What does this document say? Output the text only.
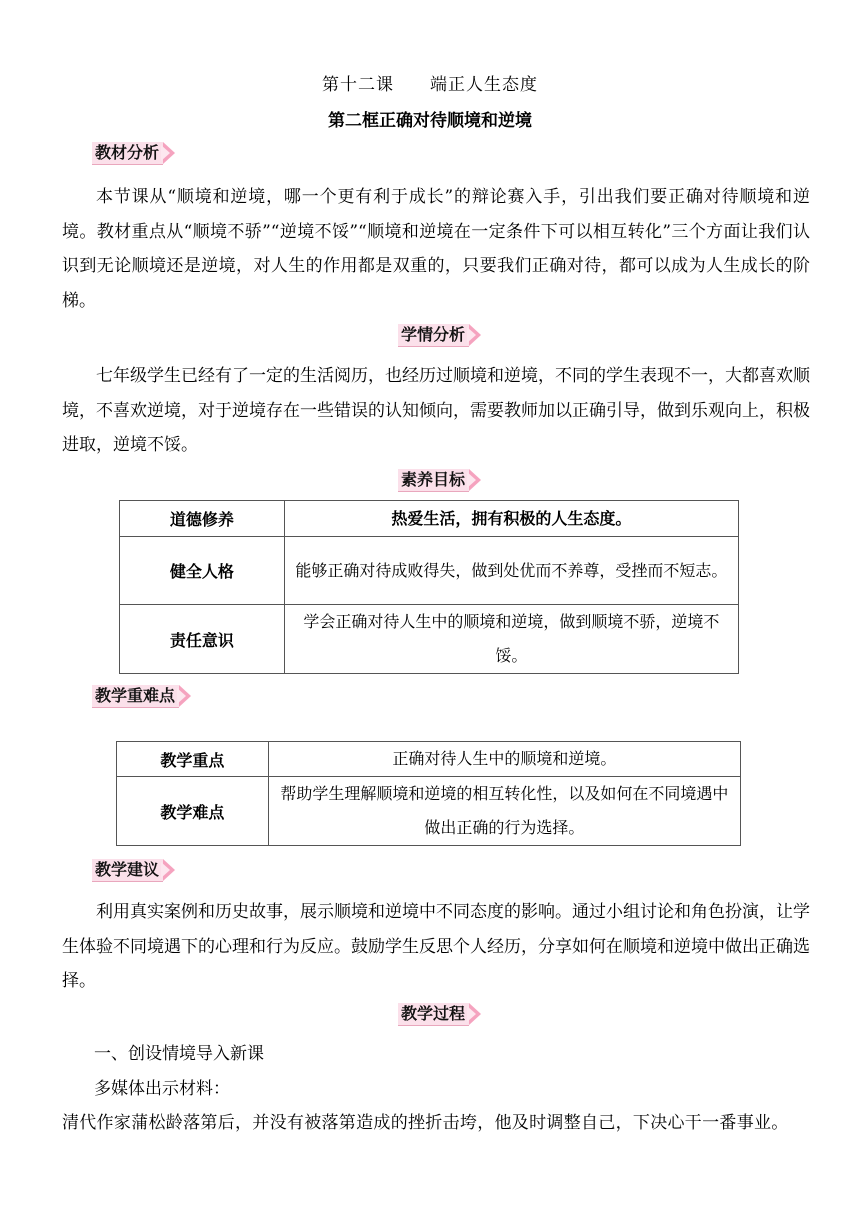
第十二课 端正人生态度
第二框正确对待顺境和逆境
教材分析
本节课从“顺境和逆境，哪一个更有利于成长”的辩论赛入手，引出我们要正确对待顺境和逆境。教材重点从“顺境不骄”“逆境不馁”“顺境和逆境在一定条件下可以相互转化”三个方面让我们认识到无论顺境还是逆境，对人生的作用都是双重的，只要我们正确对待，都可以成为人生成长的阶梯。
学情分析
七年级学生已经有了一定的生活阅历，也经历过顺境和逆境，不同的学生表现不一，大都喜欢顺境，不喜欢逆境，对于逆境存在一些错误的认知倾向，需要教师加以正确引导，做到乐观向上，积极进取，逆境不馁。
素养目标
道德修养	热爱生活，拥有积极的人生态度。
健全人格	能够正确对待成败得失，做到处优而不养尊，受挫而不短志。
责任意识	学会正确对待人生中的顺境和逆境，做到顺境不骄，逆境不馁。
教学重难点
教学重点	正确对待人生中的顺境和逆境。
教学难点	帮助学生理解顺境和逆境的相互转化性，以及如何在不同境遇中做出正确的行为选择。
教学建议
利用真实案例和历史故事，展示顺境和逆境中不同态度的影响。通过小组讨论和角色扮演，让学生体验不同境遇下的心理和行为反应。鼓励学生反思个人经历，分享如何在顺境和逆境中做出正确选择。
教学过程
一、创设情境导入新课
多媒体出示材料：
清代作家蒲松龄落第后，并没有被落第造成的挫折击垮，他及时调整自己，下决心干一番事业。
